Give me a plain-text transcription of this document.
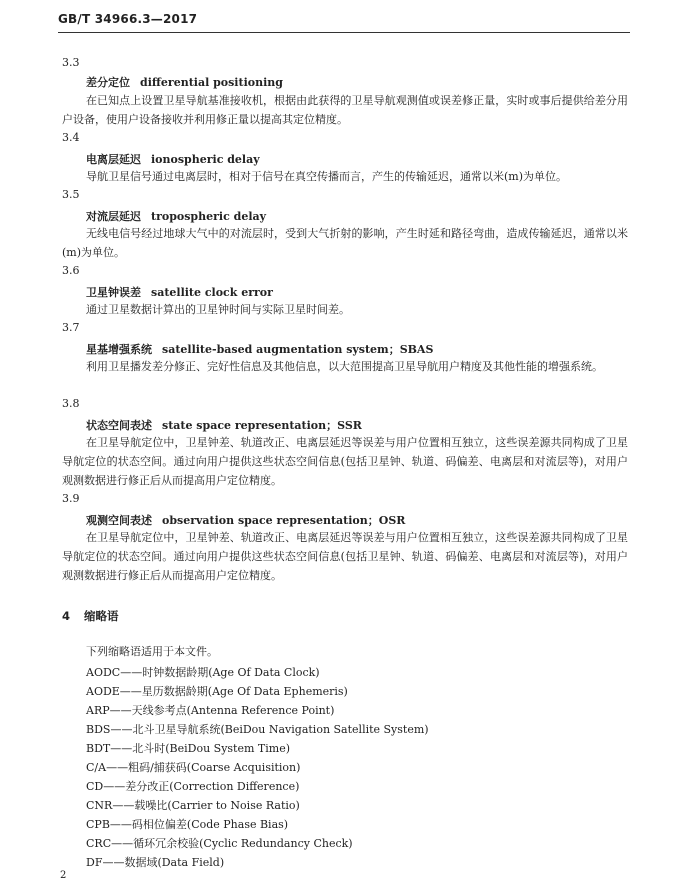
GB/T 34966.3—2017
3.3
差分定位 differential positioning
在已知点上设置卫星导航基准接收机，根据由此获得的卫星导航观测值或误差修正量，实时或事后提供给差分用户设备，使用户设备接收并利用修正量以提高其定位精度。
3.4
电离层延迟 ionospheric delay
导航卫星信号通过电离层时，相对于信号在真空传播而言，产生的传输延迟，通常以米(m)为单位。
3.5
对流层延迟 tropospheric delay
无线电信号经过地球大气中的对流层时，受到大气折射的影响，产生时延和路径弯曲，造成传输延迟，通常以米(m)为单位。
3.6
卫星钟误差 satellite clock error
通过卫星数据计算出的卫星钟时间与实际卫星时间差。
3.7
星基增强系统 satellite-based augmentation system；SBAS
利用卫星播发差分修正、完好性信息及其他信息，以大范围提高卫星导航用户精度及其他性能的增强系统。
3.8
状态空间表述 state space representation；SSR
在卫星导航定位中，卫星钟差、轨道改正、电离层延迟等误差与用户位置相互独立，这些误差源共同构成了卫星导航定位的状态空间。通过向用户提供这些状态空间信息(包括卫星钟、轨道、码偏差、电离层和对流层等)，对用户观测数据进行修正后从而提高用户定位精度。
3.9
观测空间表述 observation space representation；OSR
在卫星导航定位中，卫星钟差、轨道改正、电离层延迟等误差与用户位置相互独立，这些误差源共同构成了卫星导航定位的状态空间。通过向用户提供这些状态空间信息(包括卫星钟、轨道、码偏差、电离层和对流层等)，对用户观测数据进行修正后从而提高用户定位精度。
4 缩略语
下列缩略语适用于本文件。
AODC——时钟数据龄期(Age Of Data Clock)
AODE——星历数据龄期(Age Of Data Ephemeris)
ARP——天线参考点(Antenna Reference Point)
BDS——北斗卫星导航系统(BeiDou Navigation Satellite System)
BDT——北斗时(BeiDou System Time)
C/A——粗码/捕获码(Coarse Acquisition)
CD——差分改正(Correction Difference)
CNR——载噪比(Carrier to Noise Ratio)
CPB——码相位偏差(Code Phase Bias)
CRC——循环冗余校验(Cyclic Redundancy Check)
DF——数据域(Data Field)
2
